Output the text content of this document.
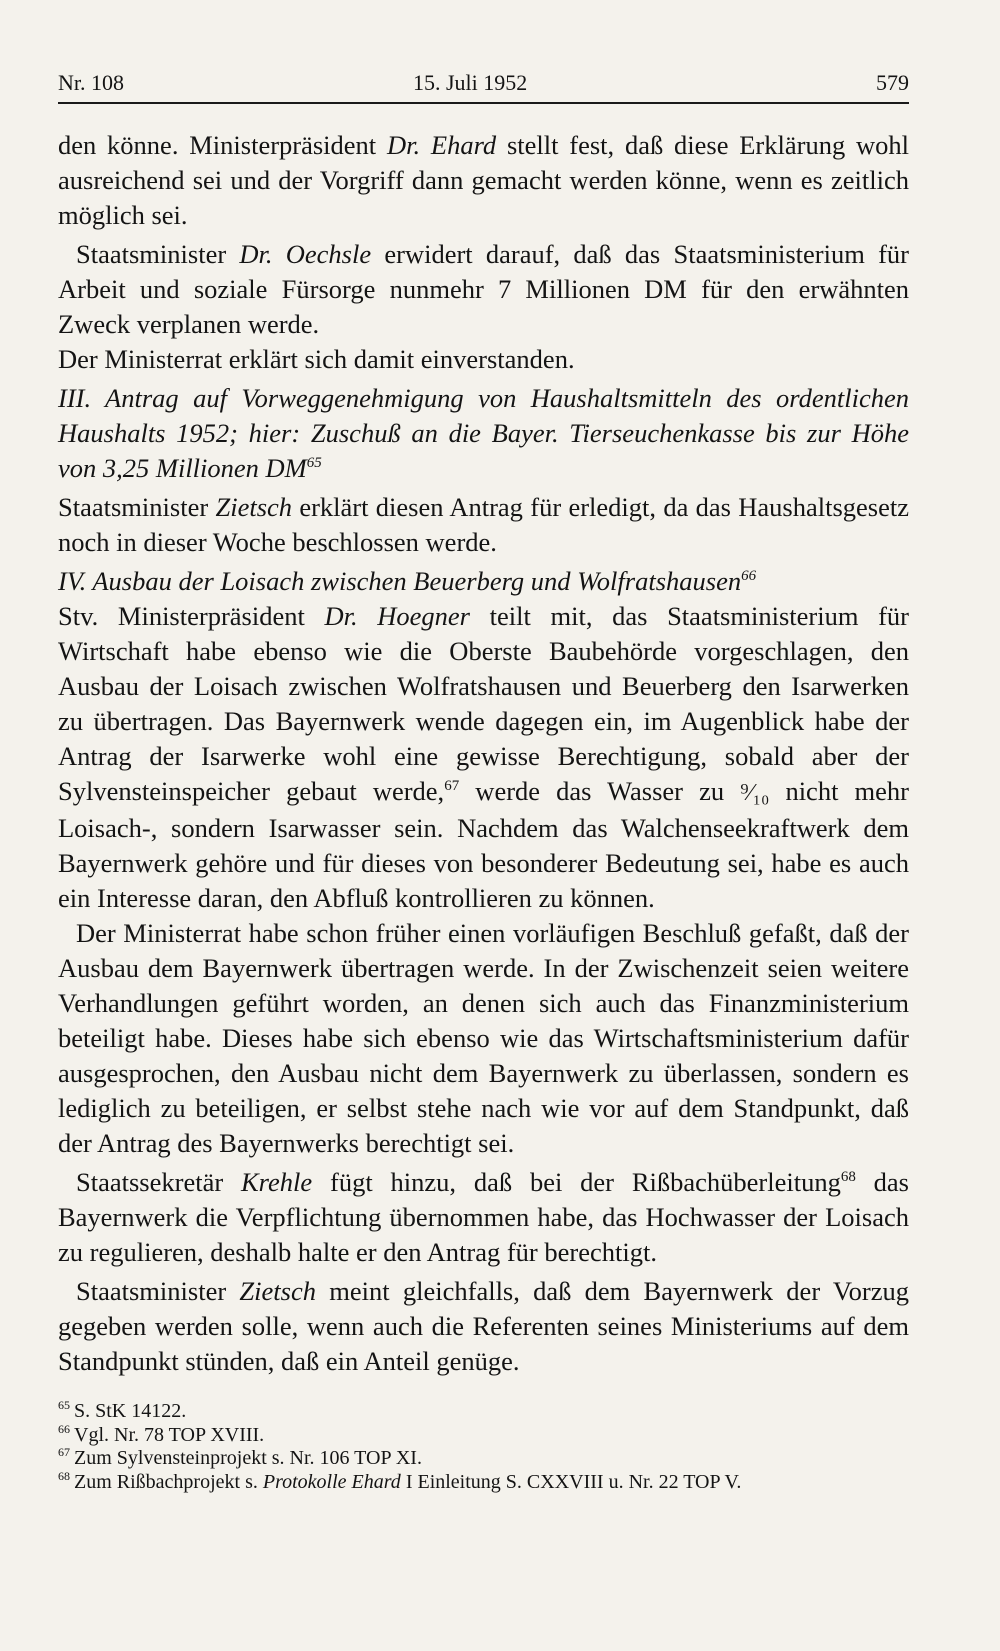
Nr. 108	15. Juli 1952	579

den könne. Ministerpräsident Dr. Ehard stellt fest, daß diese Erklärung wohl ausreichend sei und der Vorgriff dann gemacht werden könne, wenn es zeitlich möglich sei.

Staatsminister Dr. Oechsle erwidert darauf, daß das Staatsministerium für Arbeit und soziale Fürsorge nunmehr 7 Millionen DM für den erwähnten Zweck verplanen werde.

Der Ministerrat erklärt sich damit einverstanden.

III. Antrag auf Vorweggenehmigung von Haushaltsmitteln des ordentlichen Haushalts 1952; hier: Zuschuß an die Bayer. Tierseuchenkasse bis zur Höhe von 3,25 Millionen DM$^{65}$

Staatsminister Zietsch erklärt diesen Antrag für erledigt, da das Haushaltsgesetz noch in dieser Woche beschlossen werde.

IV. Ausbau der Loisach zwischen Beuerberg und Wolfratshausen$^{66}$

Stv. Ministerpräsident Dr. Hoegner teilt mit, das Staatsministerium für Wirtschaft habe ebenso wie die Oberste Baubehörde vorgeschlagen, den Ausbau der Loisach zwischen Wolfratshausen und Beuerberg den Isarwerken zu übertragen. Das Bayernwerk wende dagegen ein, im Augenblick habe der Antrag der Isarwerke wohl eine gewisse Berechtigung, sobald aber der Sylvensteinspeicher gebaut werde,$^{67}$ werde das Wasser zu ⁹⁄₁₀ nicht mehr Loisach-, sondern Isarwasser sein. Nachdem das Walchenseekraftwerk dem Bayernwerk gehöre und für dieses von besonderer Bedeutung sei, habe es auch ein Interesse daran, den Abfluß kontrollieren zu können.

Der Ministerrat habe schon früher einen vorläufigen Beschluß gefaßt, daß der Ausbau dem Bayernwerk übertragen werde. In der Zwischenzeit seien weitere Verhandlungen geführt worden, an denen sich auch das Finanzministerium beteiligt habe. Dieses habe sich ebenso wie das Wirtschaftsministerium dafür ausgesprochen, den Ausbau nicht dem Bayernwerk zu überlassen, sondern es lediglich zu beteiligen, er selbst stehe nach wie vor auf dem Standpunkt, daß der Antrag des Bayernwerks berechtigt sei.

Staatssekretär Krehle fügt hinzu, daß bei der Rißbachüberleitung$^{68}$ das Bayernwerk die Verpflichtung übernommen habe, das Hochwasser der Loisach zu regulieren, deshalb halte er den Antrag für berechtigt.

Staatsminister Zietsch meint gleichfalls, daß dem Bayernwerk der Vorzug gegeben werden solle, wenn auch die Referenten seines Ministeriums auf dem Standpunkt stünden, daß ein Anteil genüge.

$^{65}$ S. StK 14122.

$^{66}$ Vgl. Nr. 78 TOP XVIII.

$^{67}$ Zum Sylvensteinprojekt s. Nr. 106 TOP XI.

$^{68}$ Zum Rißbachprojekt s. Protokolle Ehard I Einleitung S. CXXVIII u. Nr. 22 TOP V.
